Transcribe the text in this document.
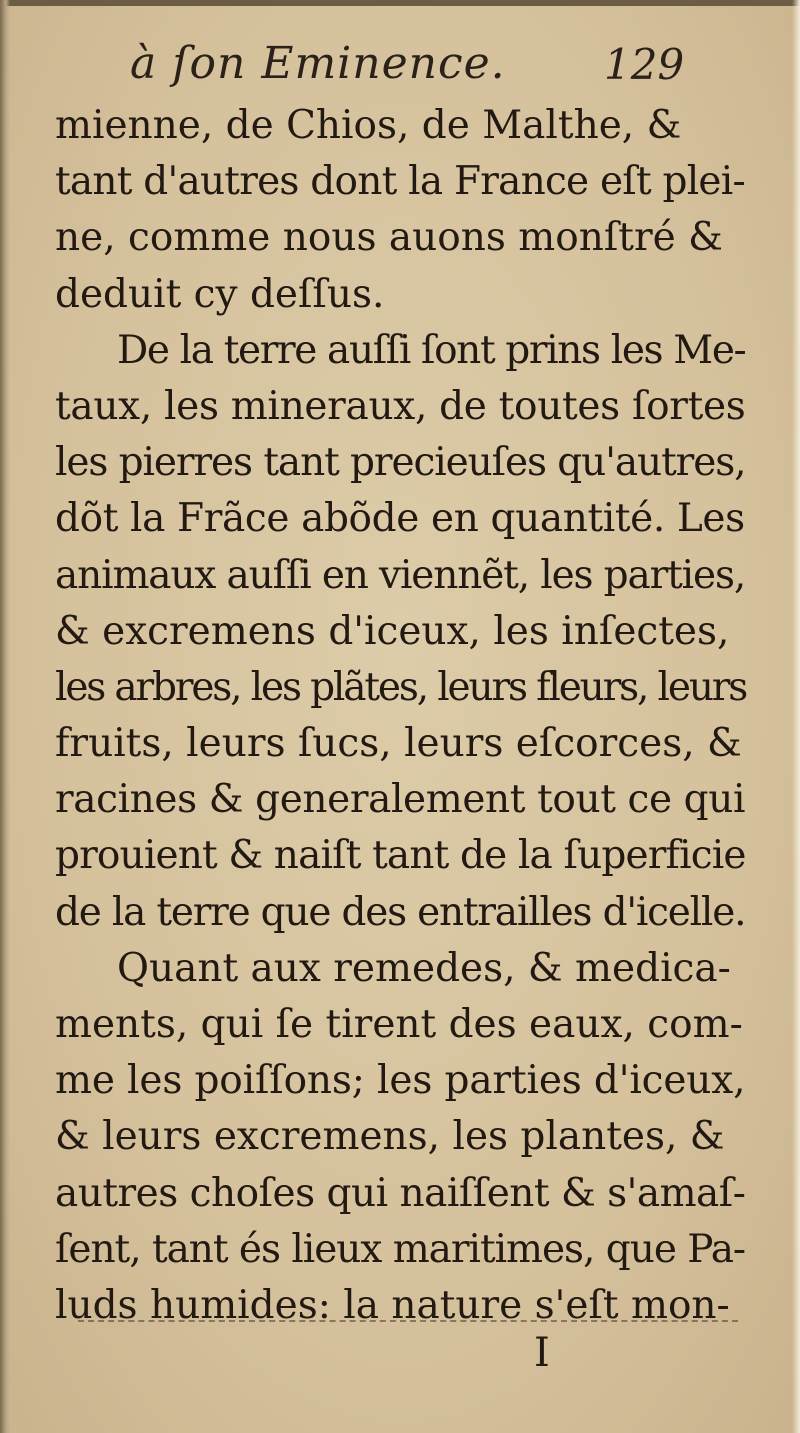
à ſon Eminence. 129
mienne, de Chios, de Malthe, &
tant d'autres dont la France eſt plei-
ne, comme nous auons monſtré &
deduit cy deſſus.
De la terre auſſi ſont prins les Me-
taux, les mineraux, de toutes ſortes
les pierres tant precieuſes qu'autres,
dõt la Frãce abõde en quantité. Les
animaux auſſi en viennẽt, les parties,
& excremens d'iceux, les inſectes,
les arbres, les plãtes, leurs fleurs, leurs
fruits, leurs ſucs, leurs eſcorces, &
racines & generalement tout ce qui
prouient & naiſt tant de la ſuperficie
de la terre que des entrailles d'icelle.
Quant aux remedes, & medica-
ments, qui ſe tirent des eaux, com-
me les poiſſons; les parties d'iceux,
& leurs excremens, les plantes, &
autres choſes qui naiſſent & s'amaſ-
ſent, tant és lieux maritimes, que Pa-
luds humides: la nature s'eſt mon-
I
